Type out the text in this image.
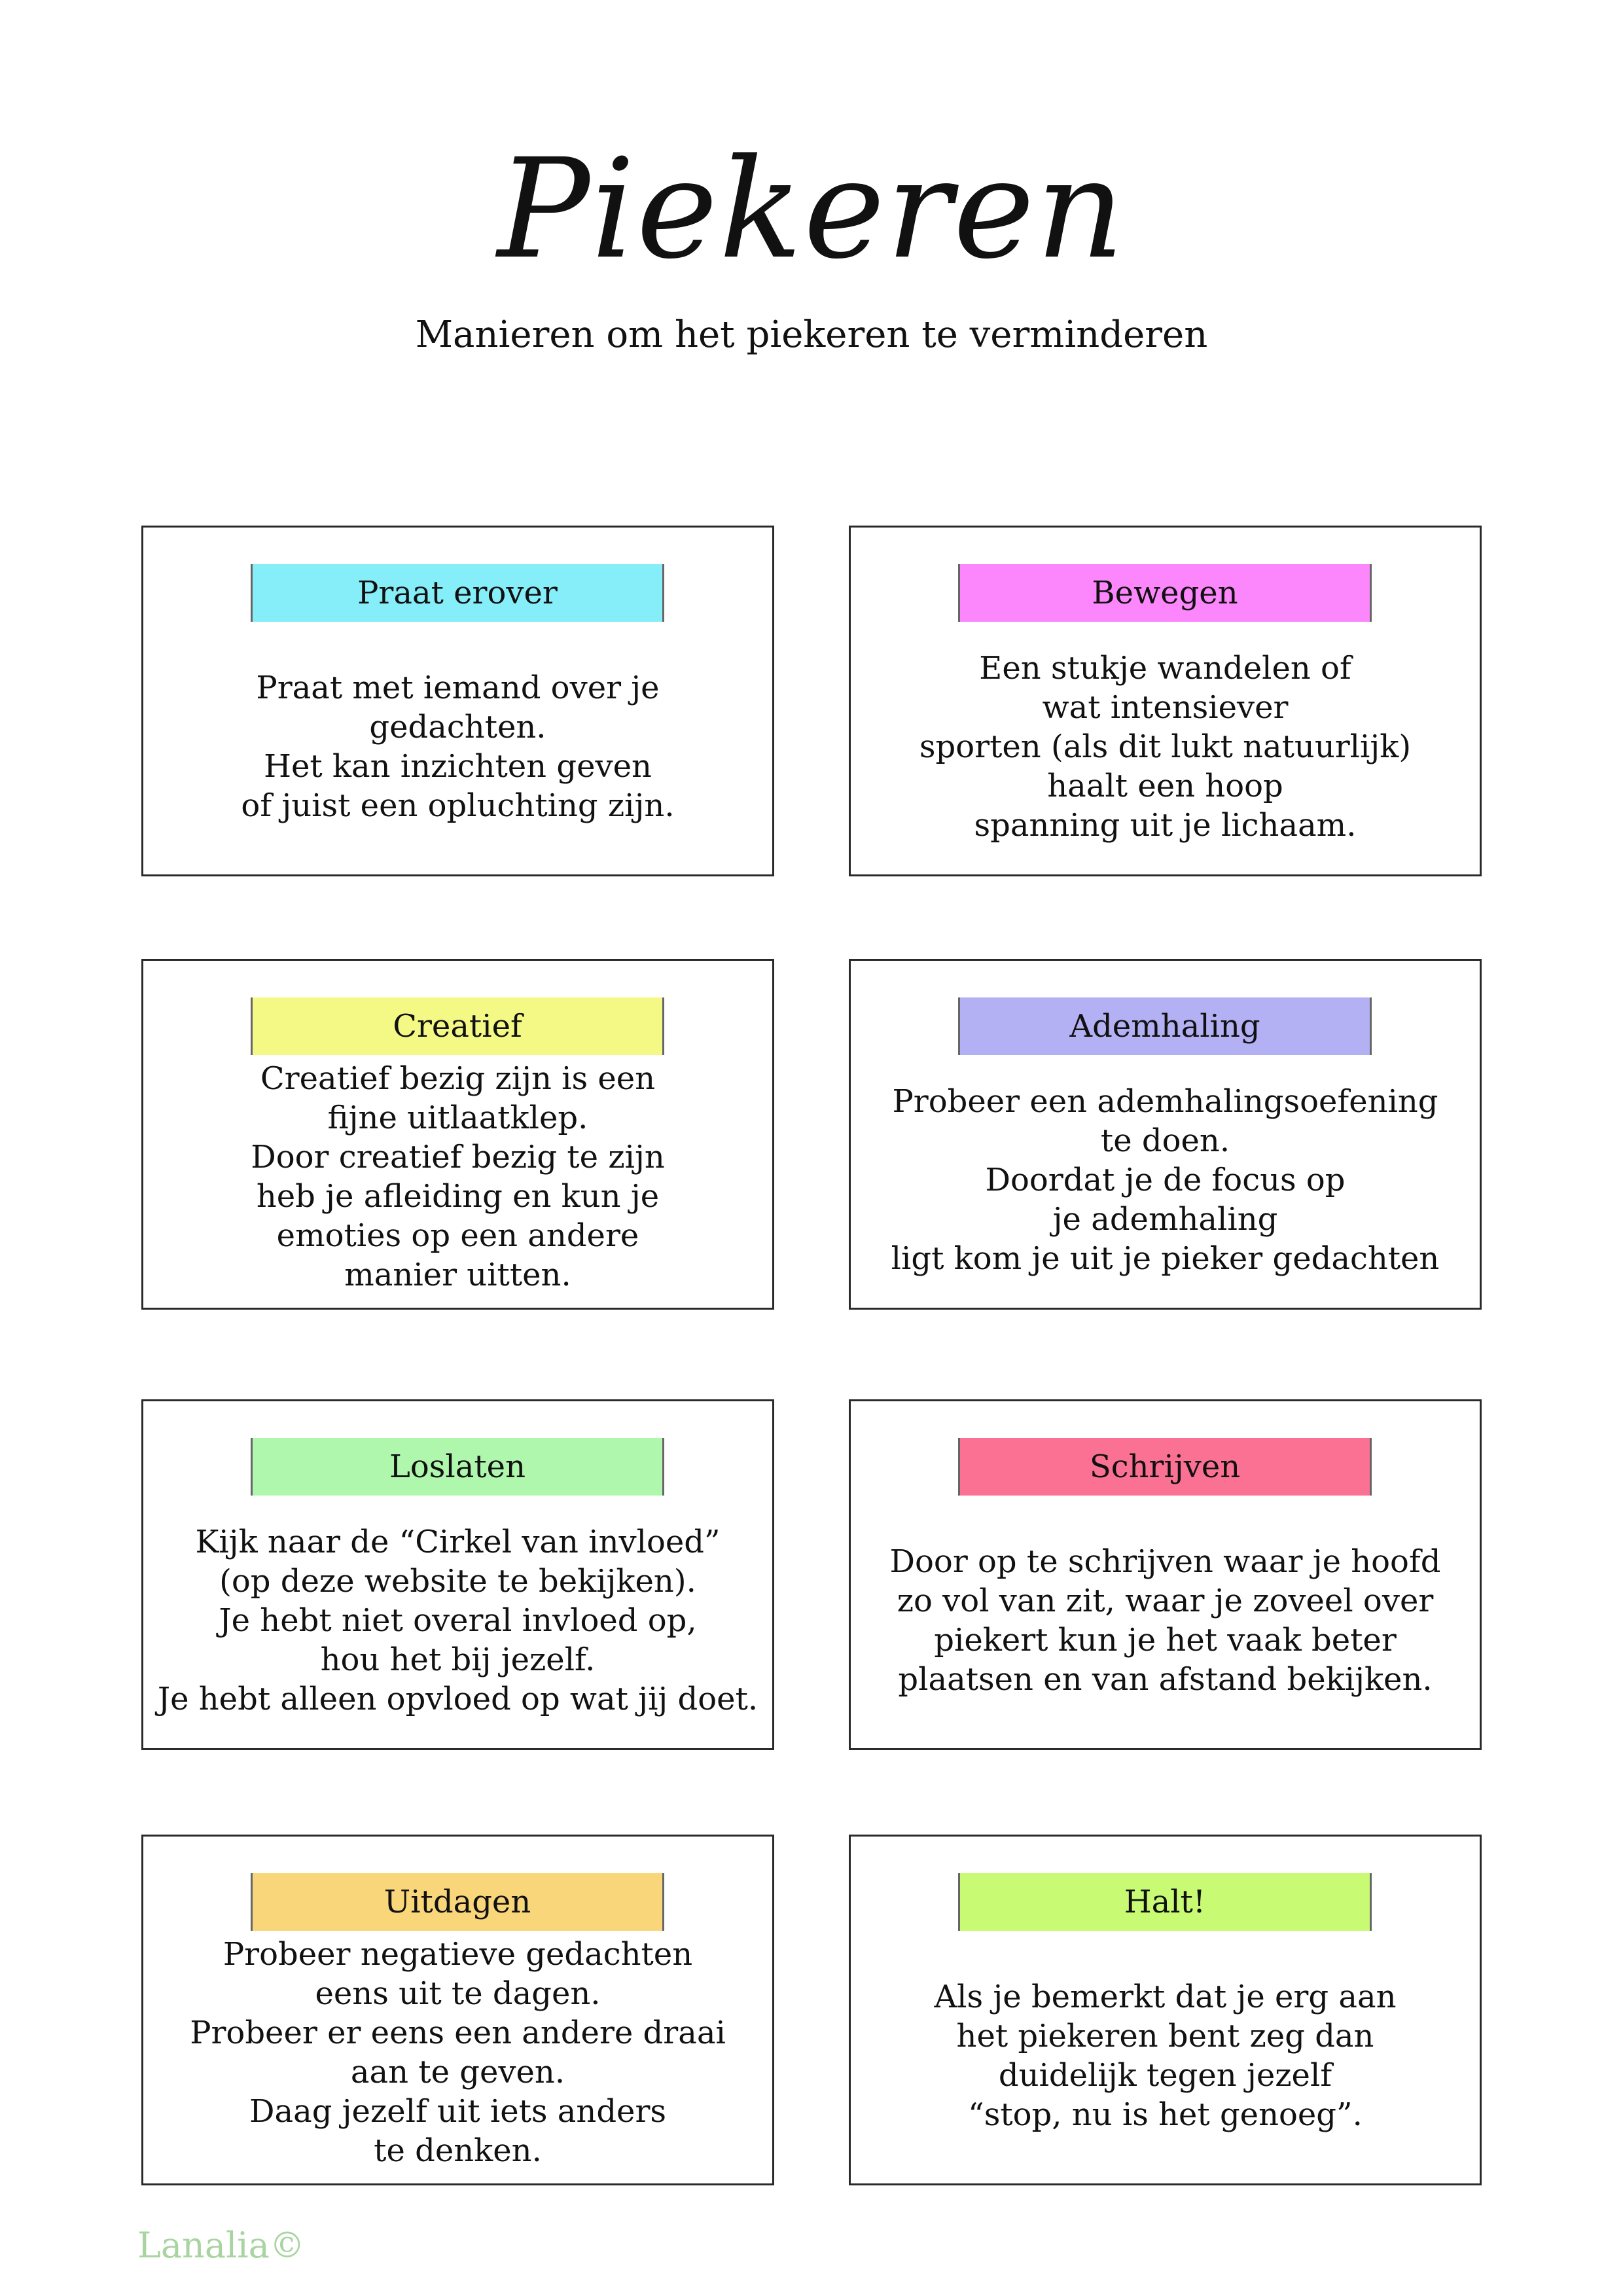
Piekeren
Manieren om het piekeren te verminderen
Praat erover
Praat met iemand over je
gedachten.
Het kan inzichten geven
of juist een opluchting zijn.
Bewegen
Een stukje wandelen of
wat intensiever
sporten (als dit lukt natuurlijk)
haalt een hoop
spanning uit je lichaam.
Creatief
Creatief bezig zijn is een
fijne uitlaatklep.
Door creatief bezig te zijn
heb je afleiding en kun je
emoties op een andere
manier uitten.
Ademhaling
Probeer een ademhalingsoefening
te doen.
Doordat je de focus op
je ademhaling
ligt kom je uit je pieker gedachten
Loslaten
Kijk naar de “Cirkel van invloed”
(op deze website te bekijken).
Je hebt niet overal invloed op,
hou het bij jezelf.
Je hebt alleen opvloed op wat jij doet.
Schrijven
Door op te schrijven waar je hoofd
zo vol van zit, waar je zoveel over
piekert kun je het vaak beter
plaatsen en van afstand bekijken.
Uitdagen
Probeer negatieve gedachten
eens uit te dagen.
Probeer er eens een andere draai
aan te geven.
Daag jezelf uit iets anders
te denken.
Halt!
Als je bemerkt dat je erg aan
het piekeren bent zeg dan
duidelijk tegen jezelf
“stop, nu is het genoeg”.
Lanalia©
